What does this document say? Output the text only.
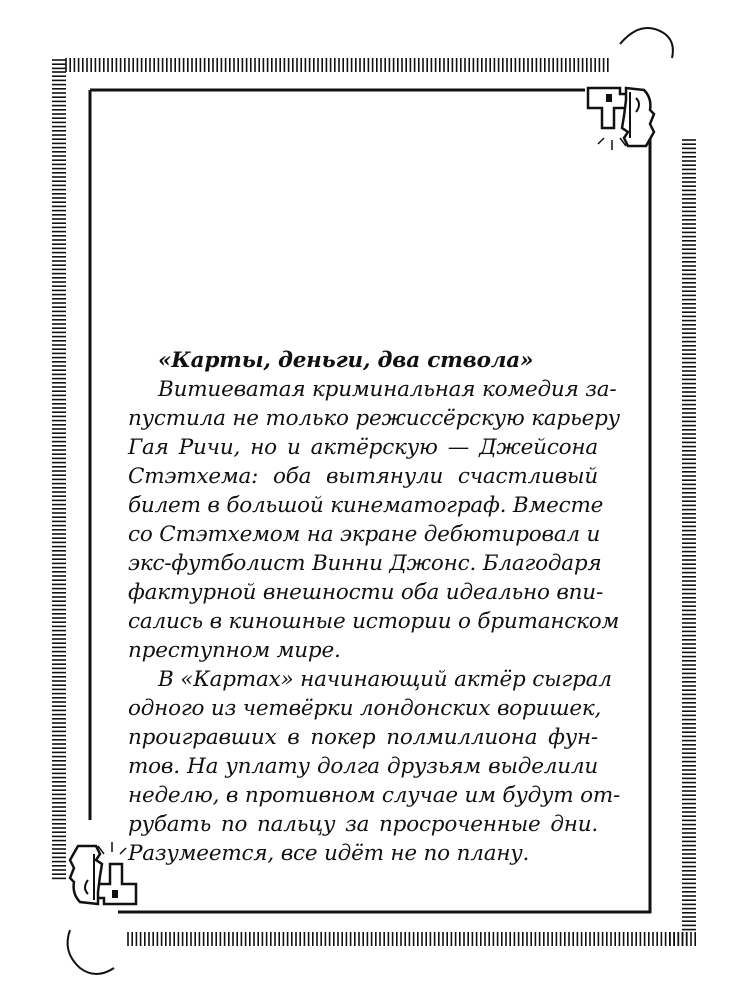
«Карты, деньги, два ствола»
Витиеватая криминальная комедия за-
пустила не только режиссёрскую карьеру
Гая Ричи, но и актёрскую — Джейсона
Стэтхема: оба вытянули счастливый
билет в большой кинематограф. Вместе
со Стэтхемом на экране дебютировал и
экс-футболист Винни Джонс. Благодаря
фактурной внешности оба идеально впи-
сались в киношные истории о британском
преступном мире.
В «Картах» начинающий актёр сыграл
одного из четвёрки лондонских воришек,
проигравших в покер полмиллиона фун-
тов. На уплату долга друзьям выделили
неделю, в противном случае им будут от-
рубать по пальцу за просроченные дни.
Разумеется, все идёт не по плану.
